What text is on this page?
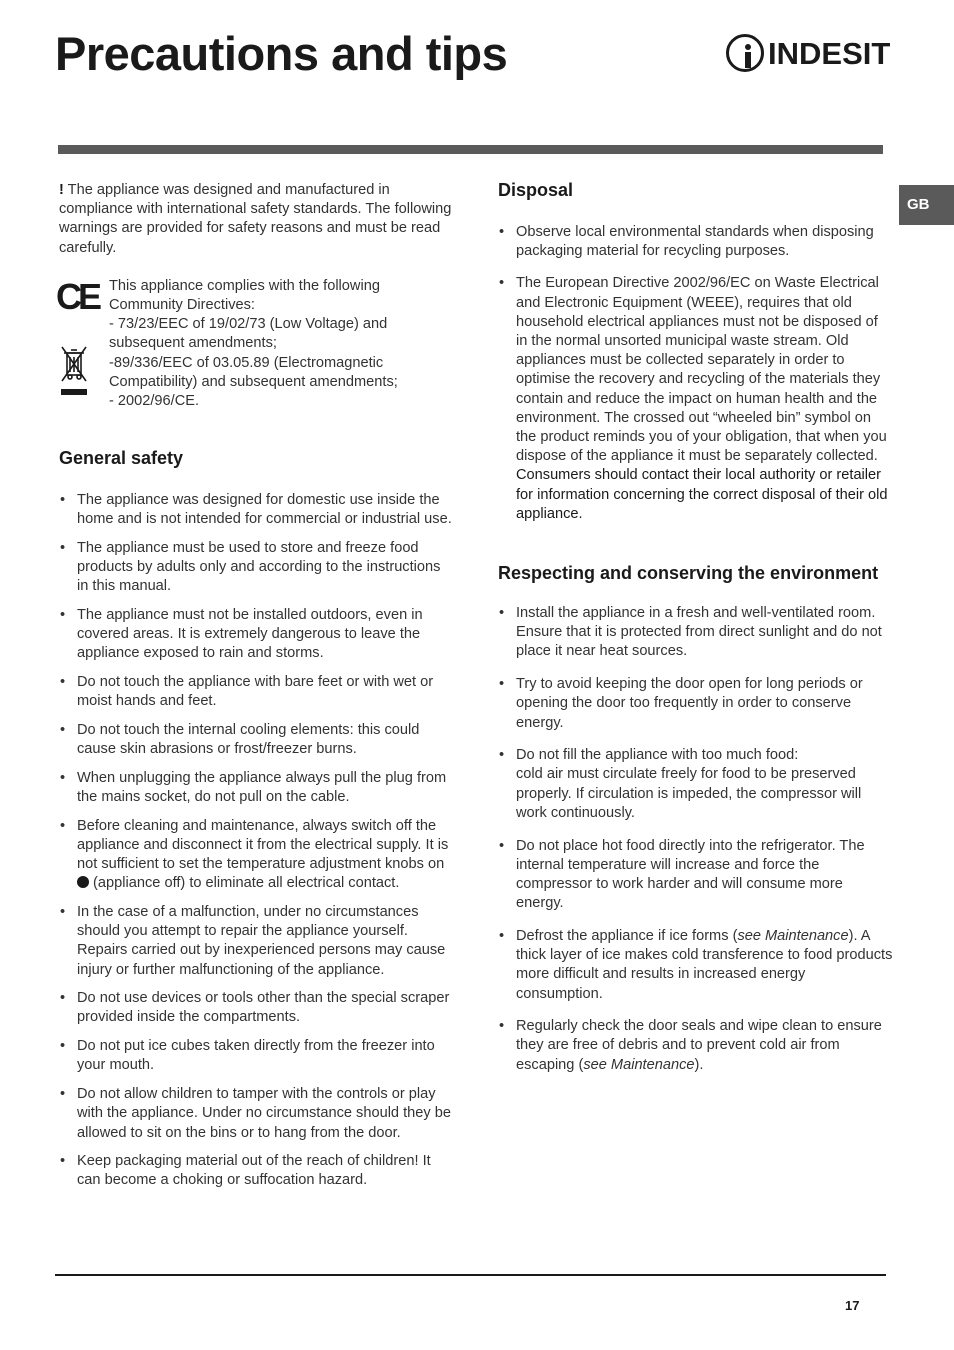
Precautions and tips	INDESIT
GB

! The appliance was designed and manufactured in compliance with international safety standards. The following warnings are provided for safety reasons and must be read carefully.

CE This appliance complies with the following Community Directives:

- 73/23/EEC of 19/02/73 (Low Voltage) and subsequent amendments;

-89/336/EEC of 03.05.89 (Electromagnetic Compatibility) and subsequent amendments;

- 2002/96/CE.

General safety
• The appliance was designed for domestic use inside the home and is not intended for commercial or industrial use.
• The appliance must be used to store and freeze food products by adults only and according to the instructions in this manual.
• The appliance must not be installed outdoors, even in covered areas. It is extremely dangerous to leave the appliance exposed to rain and storms.
• Do not touch the appliance with bare feet or with wet or moist hands and feet.
• Do not touch the internal cooling elements: this could cause skin abrasions or frost/freezer burns.
• When unplugging the appliance always pull the plug from the mains socket, do not pull on the cable.
• Before cleaning and maintenance, always switch off the appliance and disconnect it from the electrical supply. It is not sufficient to set the temperature adjustment knobs on  (appliance off) to eliminate all electrical contact.
• In the case of a malfunction, under no circumstances should you attempt to repair the appliance yourself. Repairs carried out by inexperienced persons may cause injury or further malfunctioning of the appliance.
• Do not use devices or tools other than the special scraper provided inside the compartments.
• Do not put ice cubes taken directly from the freezer into your mouth.
• Do not allow children to tamper with the controls or play with the appliance. Under no circumstance should they be allowed to sit on the bins or to hang from the door.
• Keep packaging material out of the reach of children! It can become a choking or suffocation hazard.
Disposal
• Observe local environmental standards when disposing packaging material for recycling purposes.
• The European Directive 2002/96/EC on Waste Electrical and Electronic Equipment (WEEE), requires that old household electrical appliances must not be disposed of in the normal unsorted municipal waste stream. Old appliances must be collected separately in order to optimise the recovery and recycling of the materials they contain and reduce the impact on human health and the environment. The crossed out “wheeled bin” symbol on the product reminds you of your obligation, that when you dispose of the appliance it must be separately collected.
Consumers should contact their local authority or retailer for information concerning the correct disposal of their old appliance.
Respecting and conserving the environment
• Install the appliance in a fresh and well-ventilated room. Ensure that it is protected from direct sunlight and do not place it near heat sources.
• Try to avoid keeping the door open for long periods or opening the door too frequently in order to conserve energy.
• Do not fill the appliance with too much food:
cold air must circulate freely for food to be preserved properly. If circulation is impeded, the compressor will work continuously.
• Do not place hot food directly into the refrigerator. The internal temperature will increase and force the compressor to work harder and will consume more energy.
• Defrost the appliance if ice forms (see Maintenance). A thick layer of ice makes cold transference to food products more difficult and results in increased energy consumption.
• Regularly check the door seals and wipe clean to ensure they are free of debris and to prevent cold air from escaping (see Maintenance).
17
